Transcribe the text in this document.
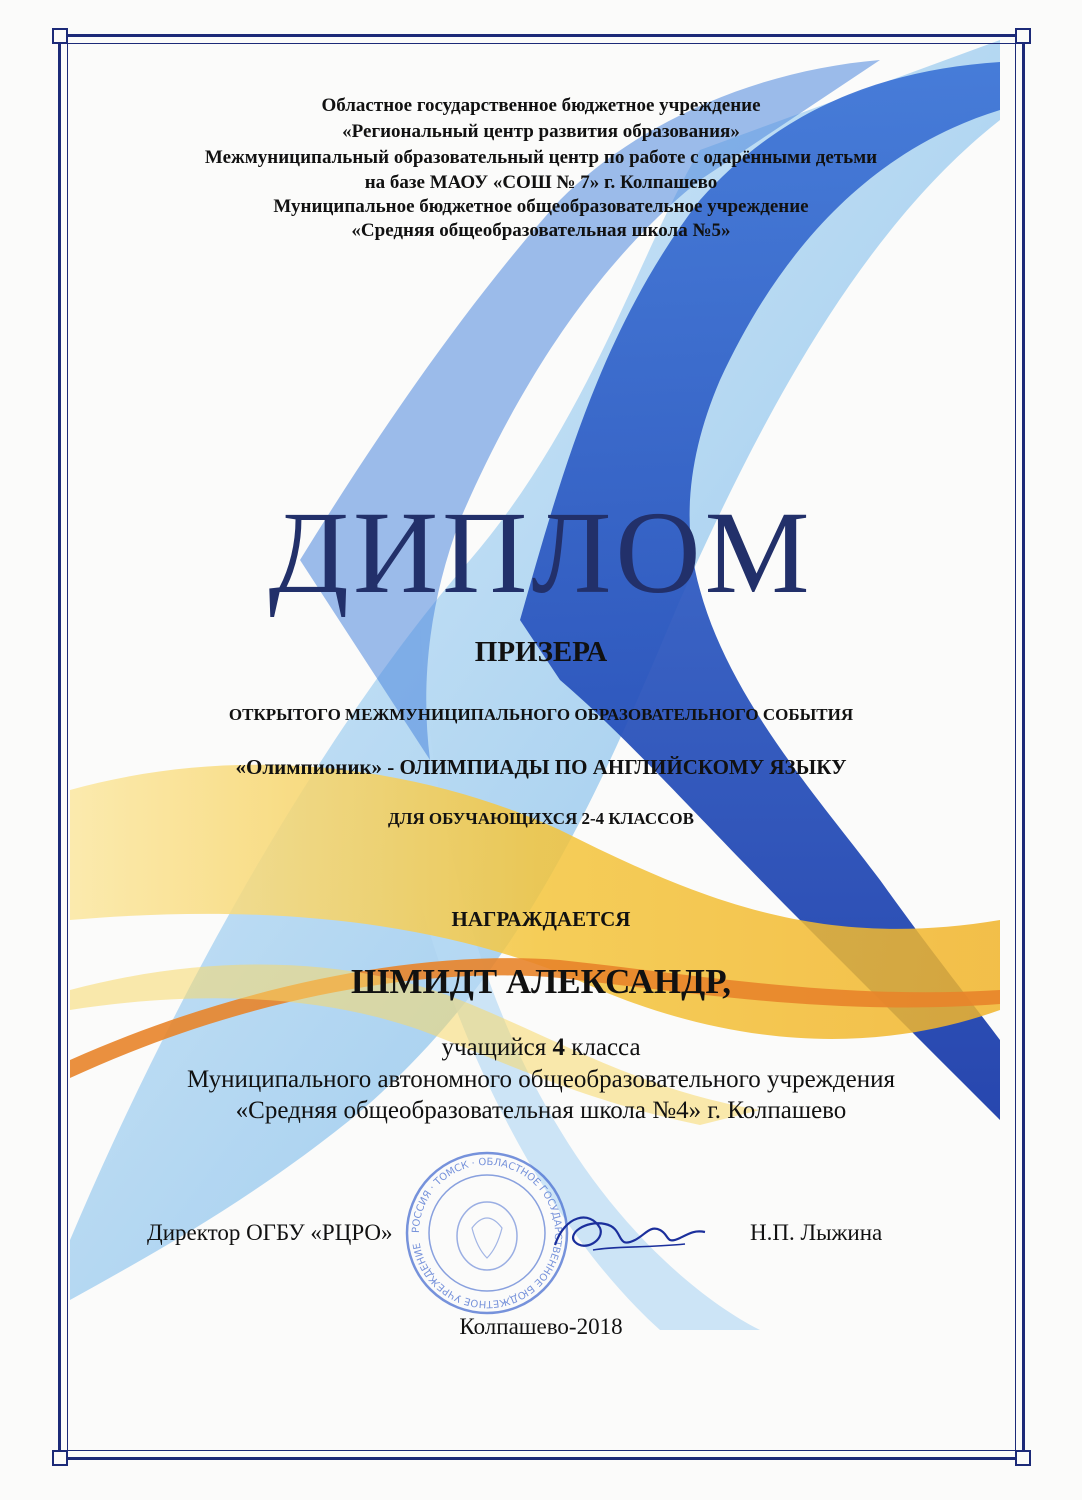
Областное государственное бюджетное учреждение
«Региональный центр развития образования»
Межмуниципальный образовательный центр по работе с одарёнными детьми
на базе МАОУ «СОШ № 7» г. Колпашево
Муниципальное бюджетное общеобразовательное учреждение
«Средняя общеобразовательная школа №5»
ДИПЛОМ
ПРИЗЕРА
ОТКРЫТОГО МЕЖМУНИЦИПАЛЬНОГО ОБРАЗОВАТЕЛЬНОГО СОБЫТИЯ
«Олимпионик» - ОЛИМПИАДЫ ПО АНГЛИЙСКОМУ ЯЗЫКУ
ДЛЯ ОБУЧАЮЩИХСЯ 2-4 КЛАССОВ
НАГРАЖДАЕТСЯ
ШМИДТ АЛЕКСАНДР,
учащийся 4 класса
Муниципального автономного общеобразовательного учреждения
«Средняя общеобразовательная школа №4» г. Колпашево
РОССИЯ · ТОМСК · ОБЛАСТНОЕ ГОСУДАРСТВЕННОЕ БЮДЖЕТНОЕ УЧРЕЖДЕНИЕ
Директор ОГБУ «РЦРО»	Н.П. Лыжина
Колпашево-2018
